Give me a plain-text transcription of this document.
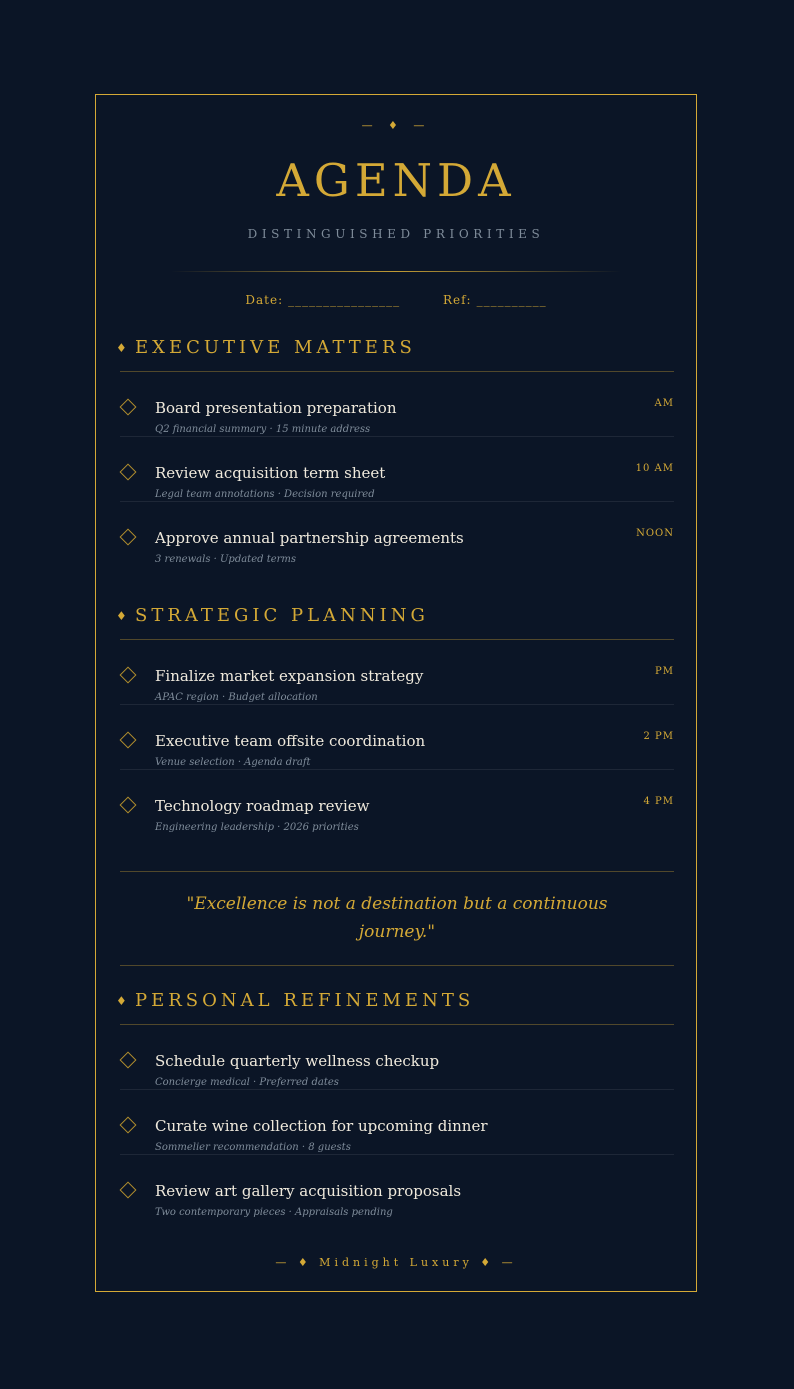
— ♦ —
AGENDA
DISTINGUISHED PRIORITIES
Date: ________________	Ref: __________
♦ EXECUTIVE MATTERS
Board presentation preparation
Q2 financial summary · 15 minute address
AM
Review acquisition term sheet
Legal team annotations · Decision required
10 AM
Approve annual partnership agreements
3 renewals · Updated terms
NOON
♦ STRATEGIC PLANNING
Finalize market expansion strategy
APAC region · Budget allocation
PM
Executive team offsite coordination
Venue selection · Agenda draft
2 PM
Technology roadmap review
Engineering leadership · 2026 priorities
4 PM
"Excellence is not a destination but a continuous journey."
♦ PERSONAL REFINEMENTS
Schedule quarterly wellness checkup
Concierge medical · Preferred dates
Curate wine collection for upcoming dinner
Sommelier recommendation · 8 guests
Review art gallery acquisition proposals
Two contemporary pieces · Appraisals pending
— ♦ Midnight Luxury ♦ —
